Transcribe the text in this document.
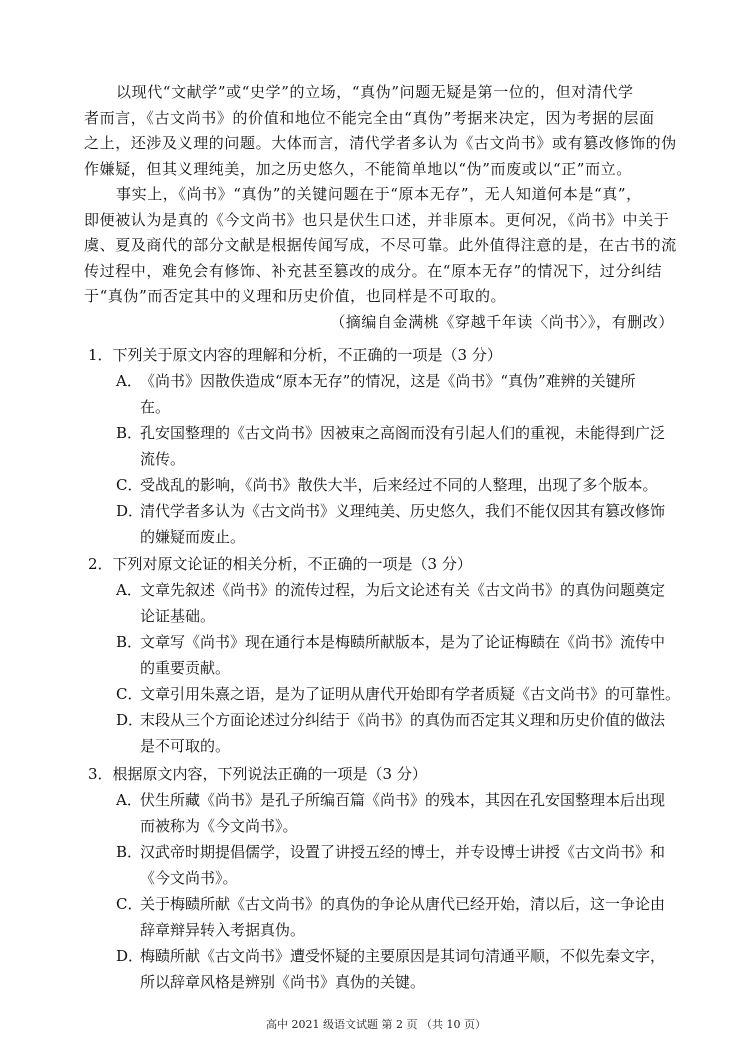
以现代“文献学”或“史学”的立场，“真伪”问题无疑是第一位的，但对清代学
者而言，《古文尚书》的价值和地位不能完全由“真伪”考据来决定，因为考据的层面
之上，还涉及义理的问题。大体而言，清代学者多认为《古文尚书》或有篡改修饰的伪
作嫌疑，但其义理纯美，加之历史悠久，不能简单地以“伪”而废或以“正”而立。
事实上，《尚书》“真伪”的关键问题在于“原本无存”，无人知道何本是“真”，
即便被认为是真的《今文尚书》也只是伏生口述，并非原本。更何况，《尚书》中关于
虞、夏及商代的部分文献是根据传闻写成，不尽可靠。此外值得注意的是，在古书的流
传过程中，难免会有修饰、补充甚至篡改的成分。在“原本无存”的情况下，过分纠结
于“真伪”而否定其中的义理和历史价值，也同样是不可取的。
（摘编自金满桃《穿越千年读〈尚书〉》，有删改）
1．下列关于原文内容的理解和分析，不正确的一项是（3 分）
A．
《尚书》因散佚造成“原本无存”的情况，这是《尚书》“真伪”难辨的关键所
在。
B．
孔安国整理的《古文尚书》因被束之高阁而没有引起人们的重视，未能得到广泛
流传。
C．
受战乱的影响，《尚书》散佚大半，后来经过不同的人整理，出现了多个版本。
D．
清代学者多认为《古文尚书》义理纯美、历史悠久，我们不能仅因其有篡改修饰
的嫌疑而废止。
2．下列对原文论证的相关分析，不正确的一项是（3 分）
A．
文章先叙述《尚书》的流传过程，为后文论述有关《古文尚书》的真伪问题奠定
论证基础。
B．
文章写《尚书》现在通行本是梅赜所献版本，是为了论证梅赜在《尚书》流传中
的重要贡献。
C．
文章引用朱熹之语，是为了证明从唐代开始即有学者质疑《古文尚书》的可靠性。
D．
末段从三个方面论述过分纠结于《尚书》的真伪而否定其义理和历史价值的做法
是不可取的。
3．根据原文内容，下列说法正确的一项是（3 分）
A．
伏生所藏《尚书》是孔子所编百篇《尚书》的残本，其因在孔安国整理本后出现
而被称为《今文尚书》。
B．
汉武帝时期提倡儒学，设置了讲授五经的博士，并专设博士讲授《古文尚书》和
《今文尚书》。
C．
关于梅赜所献《古文尚书》的真伪的争论从唐代已经开始，清以后，这一争论由
辞章辩异转入考据真伪。
D．
梅赜所献《古文尚书》遭受怀疑的主要原因是其词句清通平顺，不似先秦文字，
所以辞章风格是辨别《尚书》真伪的关键。
高中 2021 级语文试题 第 2 页 （共 10 页）
